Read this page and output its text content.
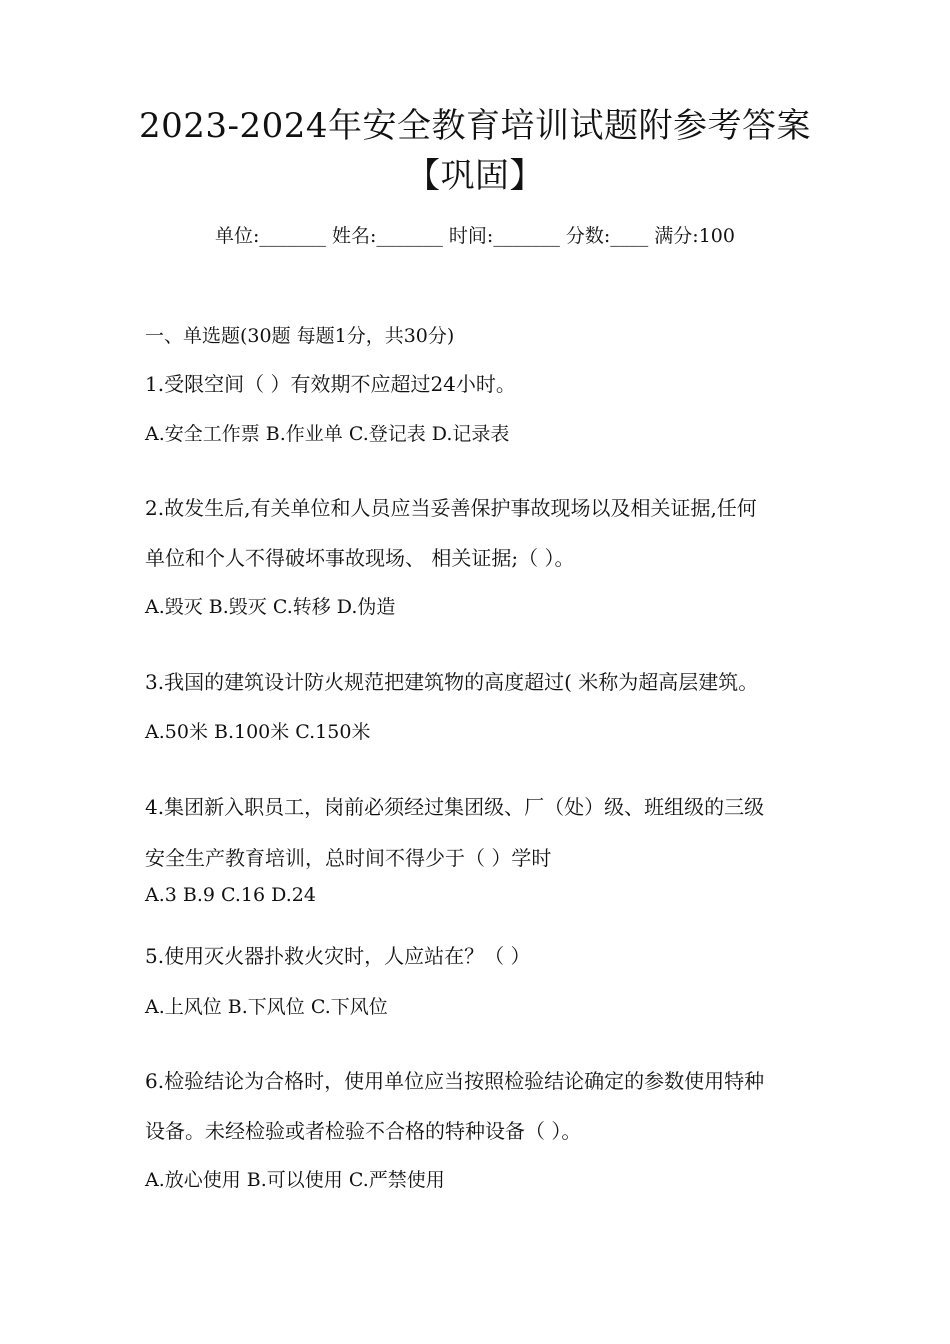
2023-2024年安全教育培训试题附参考答案
【巩固】
单位:_______ 姓名:_______ 时间:_______ 分数:____ 满分:100
一、单选题(30题 每题1分，共30分)
1.受限空间（ ）有效期不应超过24小时。
A.安全工作票 B.作业单 C.登记表 D.记录表
2.故发生后,有关单位和人员应当妥善保护事故现场以及相关证据,任何
单位和个人不得破坏事故现场、 相关证据;（ ）。
A.毁灭 B.毁灭 C.转移 D.伪造
3.我国的建筑设计防火规范把建筑物的高度超过( 米称为超高层建筑。
A.50米 B.100米 C.150米
4.集团新入职员工，岗前必须经过集团级、厂（处）级、班组级的三级
安全生产教育培训，总时间不得少于（ ）学时
A.3 B.9 C.16 D.24
5.使用灭火器扑救火灾时，人应站在？（ ）
A.上风位 B.下风位 C.下风位
6.检验结论为合格时，使用单位应当按照检验结论确定的参数使用特种
设备。未经检验或者检验不合格的特种设备（ ）。
A.放心使用 B.可以使用 C.严禁使用
